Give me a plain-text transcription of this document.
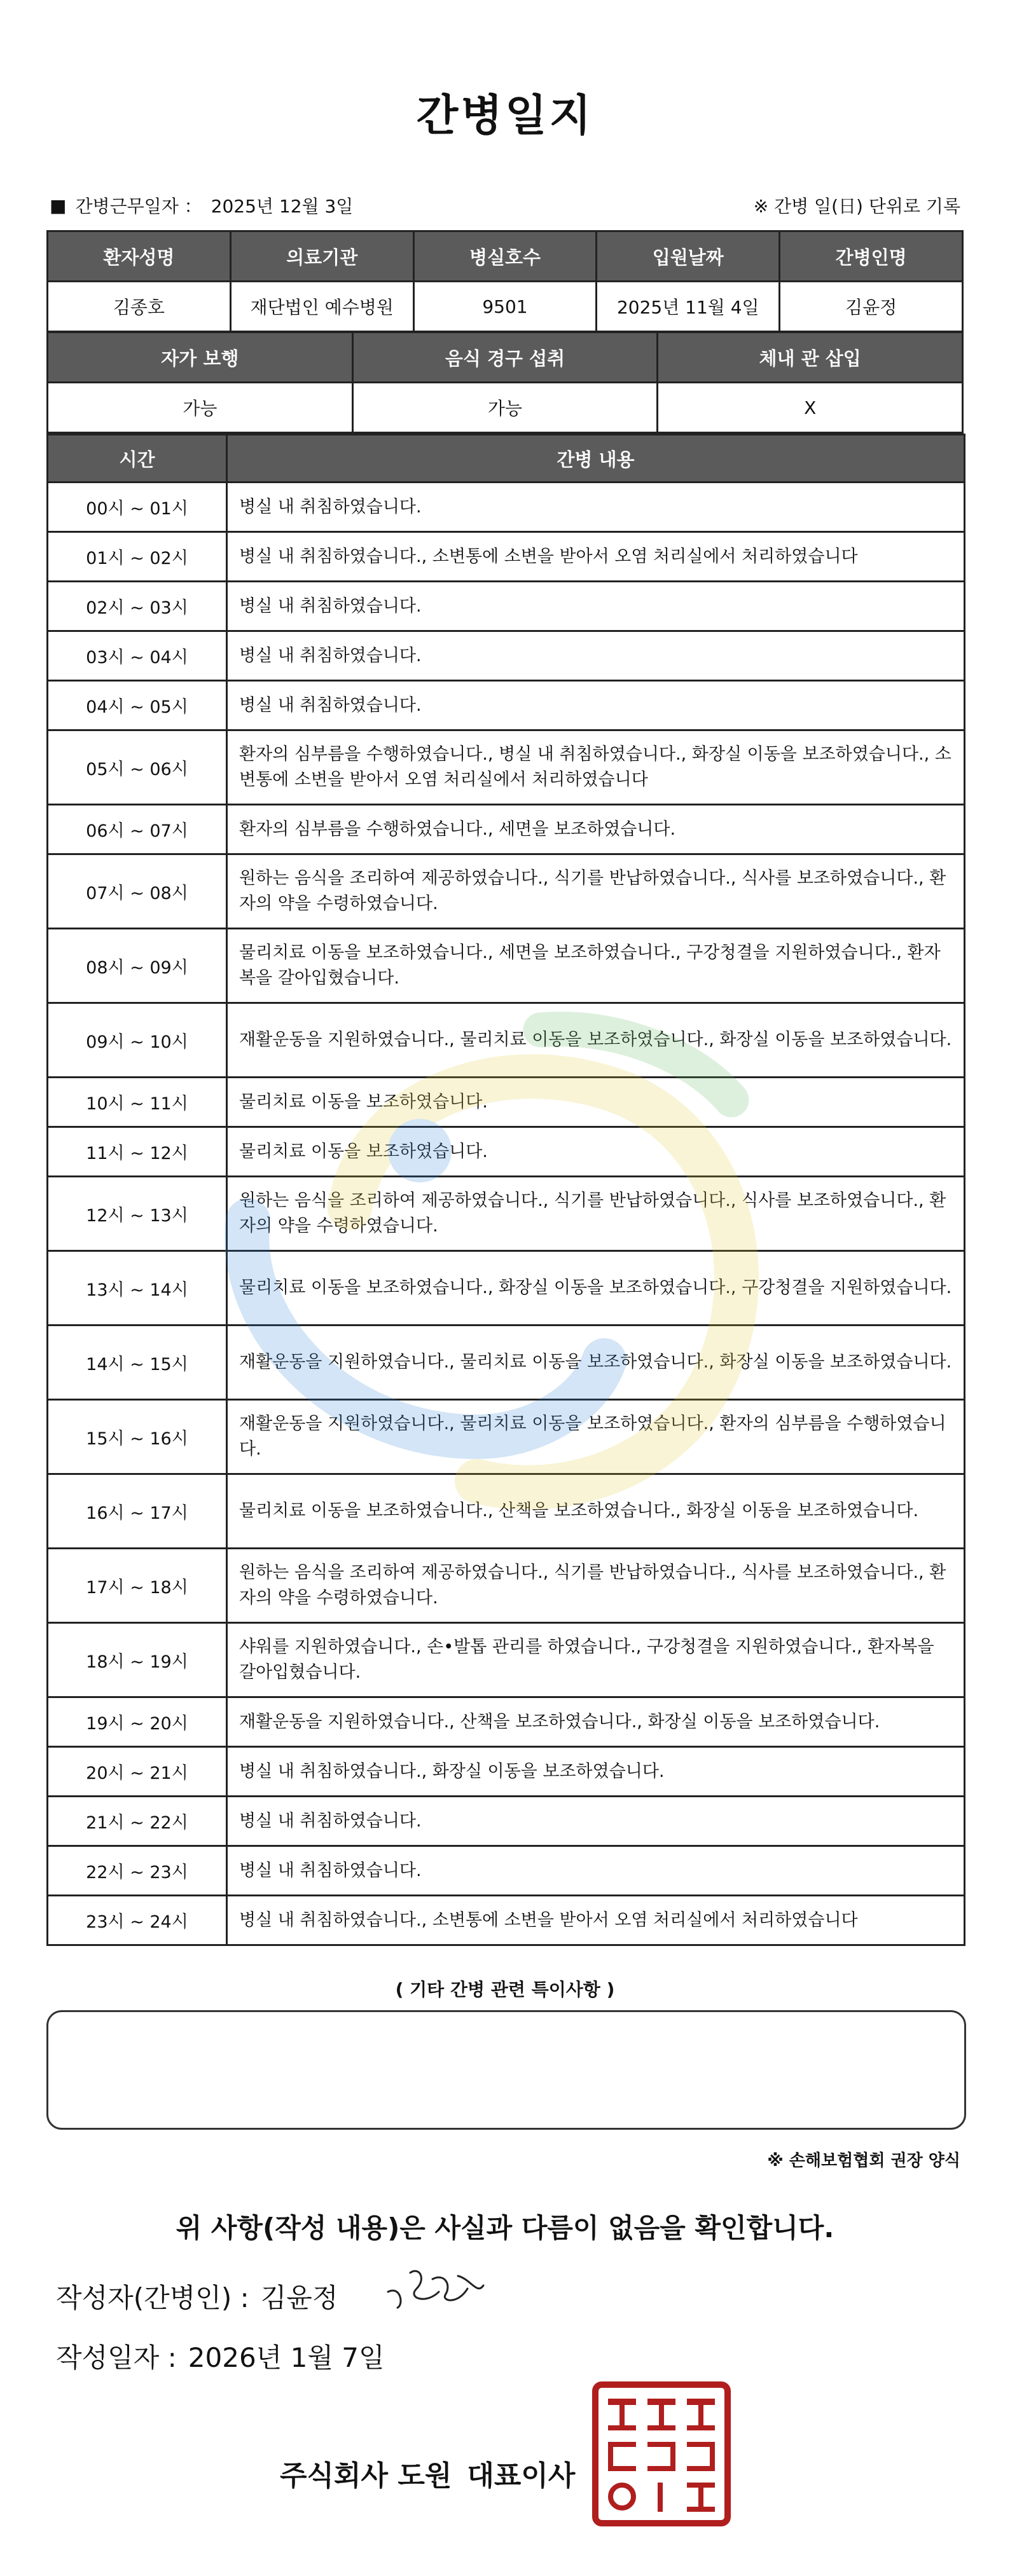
간병일지
■ 간병근무일자 ： 2025년 12월 3일	※ 간병 일(日) 단위로 기록
환자성명	의료기관	병실호수	입원날짜	간병인명
김종호	재단법인 예수병원	9501	2025년 11월 4일	김윤정
자가 보행	음식 경구 섭취	체내 관 삽입
가능	가능	X
시간	간병 내용
00시 ~ 01시	병실 내 취침하였습니다.
01시 ~ 02시	병실 내 취침하였습니다., 소변통에 소변을 받아서 오염 처리실에서 처리하였습니다
02시 ~ 03시	병실 내 취침하였습니다.
03시 ~ 04시	병실 내 취침하였습니다.
04시 ~ 05시	병실 내 취침하였습니다.
05시 ~ 06시	환자의 심부름을 수행하였습니다., 병실 내 취침하였습니다., 화장실 이동을 보조하였습니다., 소변통에 소변을 받아서 오염 처리실에서 처리하였습니다
06시 ~ 07시	환자의 심부름을 수행하였습니다., 세면을 보조하였습니다.
07시 ~ 08시	원하는 음식을 조리하여 제공하였습니다., 식기를 반납하였습니다., 식사를 보조하였습니다., 환자의 약을 수령하였습니다.
08시 ~ 09시	물리치료 이동을 보조하였습니다., 세면을 보조하였습니다., 구강청결을 지원하였습니다., 환자복을 갈아입혔습니다.
09시 ~ 10시	재활운동을 지원하였습니다., 물리치료 이동을 보조하였습니다., 화장실 이동을 보조하였습니다.
10시 ~ 11시	물리치료 이동을 보조하였습니다.
11시 ~ 12시	물리치료 이동을 보조하였습니다.
12시 ~ 13시	원하는 음식을 조리하여 제공하였습니다., 식기를 반납하였습니다., 식사를 보조하였습니다., 환자의 약을 수령하였습니다.
13시 ~ 14시	물리치료 이동을 보조하였습니다., 화장실 이동을 보조하였습니다., 구강청결을 지원하였습니다.
14시 ~ 15시	재활운동을 지원하였습니다., 물리치료 이동을 보조하였습니다., 화장실 이동을 보조하였습니다.
15시 ~ 16시	재활운동을 지원하였습니다., 물리치료 이동을 보조하였습니다., 환자의 심부름을 수행하였습니다.
16시 ~ 17시	물리치료 이동을 보조하였습니다., 산책을 보조하였습니다., 화장실 이동을 보조하였습니다.
17시 ~ 18시	원하는 음식을 조리하여 제공하였습니다., 식기를 반납하였습니다., 식사를 보조하였습니다., 환자의 약을 수령하였습니다.
18시 ~ 19시	샤워를 지원하였습니다., 손•발톱 관리를 하였습니다., 구강청결을 지원하였습니다., 환자복을 갈아입혔습니다.
19시 ~ 20시	재활운동을 지원하였습니다., 산책을 보조하였습니다., 화장실 이동을 보조하였습니다.
20시 ~ 21시	병실 내 취침하였습니다., 화장실 이동을 보조하였습니다.
21시 ~ 22시	병실 내 취침하였습니다.
22시 ~ 23시	병실 내 취침하였습니다.
23시 ~ 24시	병실 내 취침하였습니다., 소변통에 소변을 받아서 오염 처리실에서 처리하였습니다
( 기타 간병 관련 특이사항 )
※ 손해보험협회 권장 양식
위 사항(작성 내용)은 사실과 다름이 없음을 확인합니다.
작성자(간병인) : 김윤정
작성일자 : 2026년 1월 7일
주식회사 도원 대표이사
